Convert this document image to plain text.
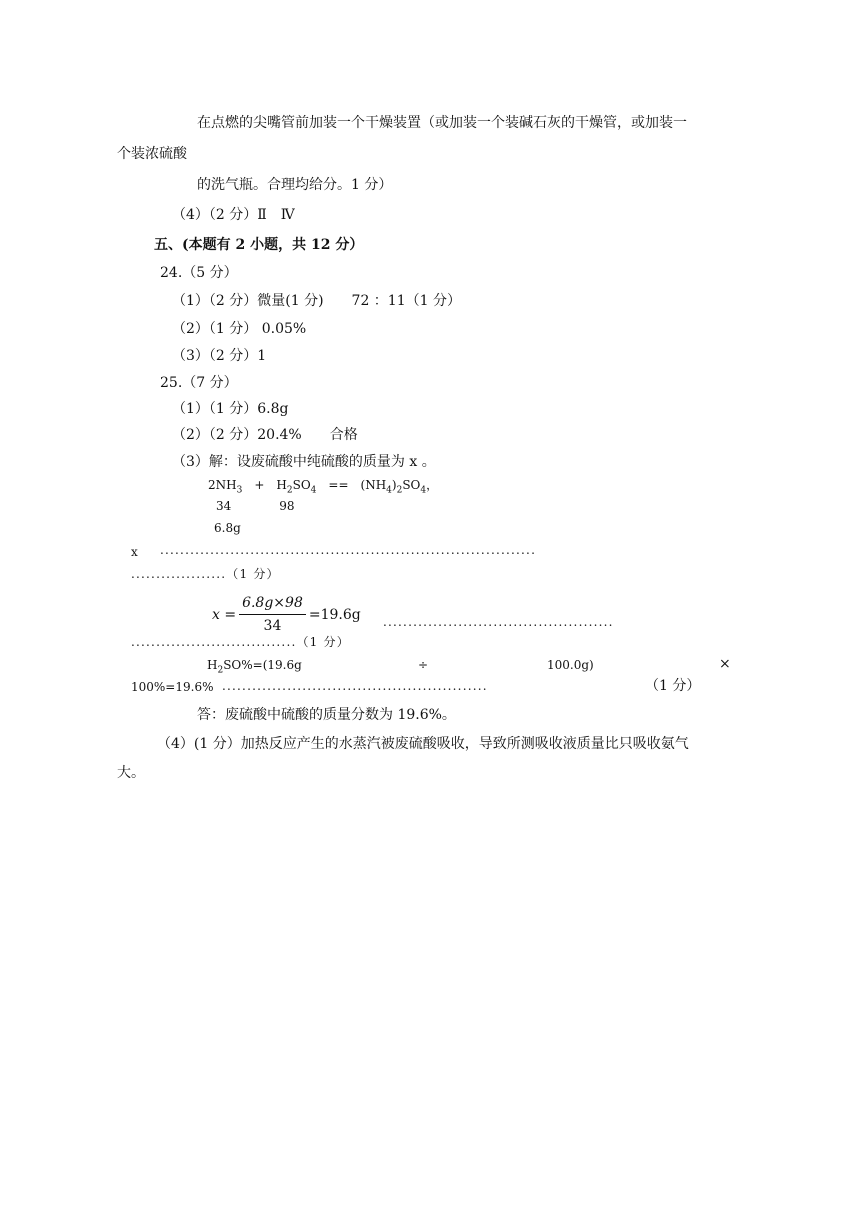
在点燃的尖嘴管前加装一个干燥装置（或加装一个装碱石灰的干燥管，或加装一
个装浓硫酸
的洗气瓶。合理均给分。1 分）
（4）（2 分）Ⅱ　Ⅳ
五、(本题有 2 小题，共 12 分）
24.（5 分）
（1）（2 分）微量(1 分)　　72 ：11（1 分）
（2）（1 分） 0.05%
（3）（2 分）1
25.（7 分）
（1）（1 分）6.8g
（2）（2 分）20.4%　　合格
（3）解：设废硫酸中纯硫酸的质量为 x 。
$2NH_3$　+　$H_2SO_4$　==　$(NH_4)_2SO_4$，
34　　　　98
6.8g
x ...........................................................................
...................（1 分）
$x = \frac{6.8g\times 98}{34} =19.6g$ ..............................................
.................................（1 分）
$H_2SO\%=(19.6g$	÷	100.0g)	×
100%=19.6% .....................................................	（1 分）
答：废硫酸中硫酸的质量分数为 19.6%。
（4）(1 分）加热反应产生的水蒸汽被废硫酸吸收，导致所测吸收液质量比只吸收氨气
大。
